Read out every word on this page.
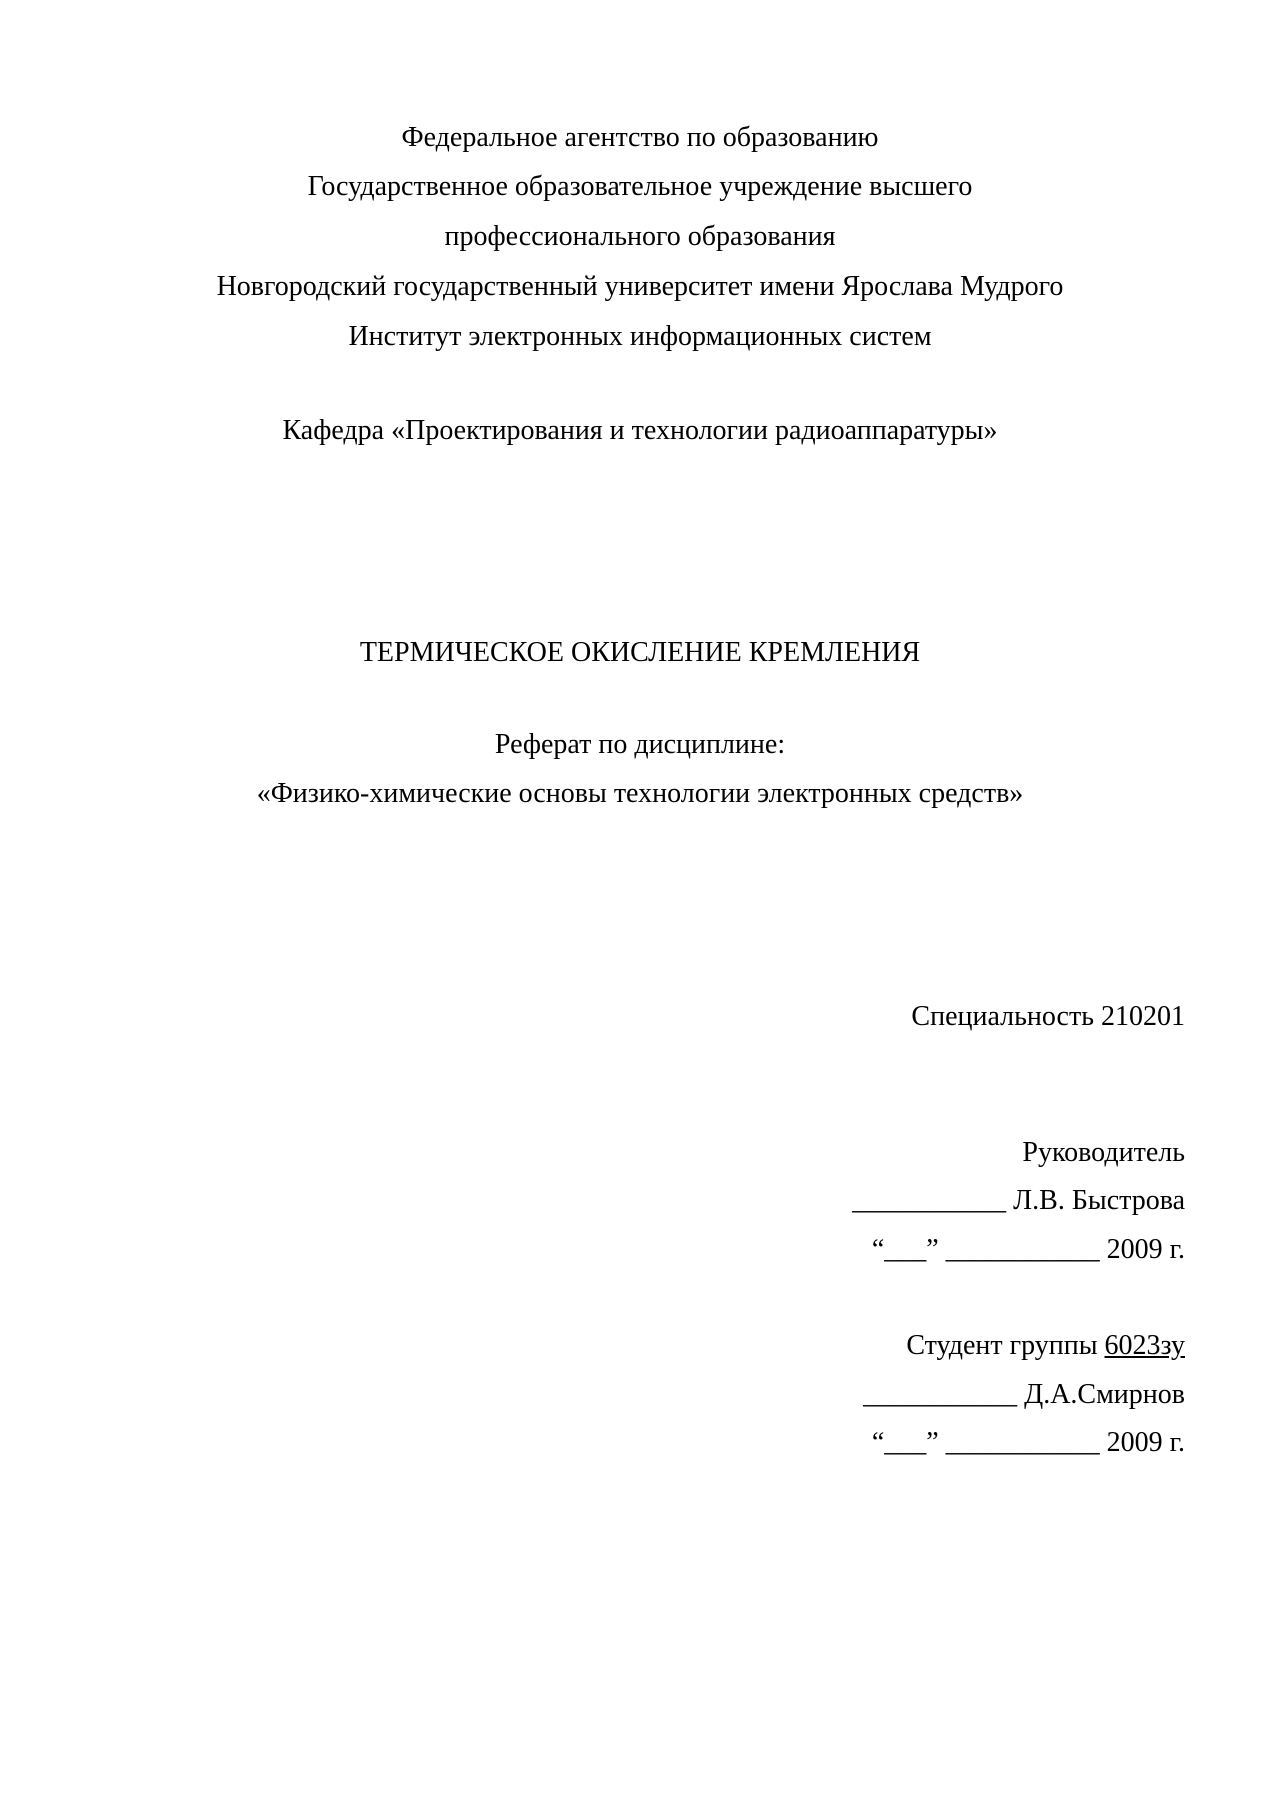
Федеральное агентство по образованию
Государственное образовательное учреждение высшего
профессионального образования
Новгородский государственный университет имени Ярослава Мудрого
Институт электронных информационных систем
Кафедра «Проектирования и технологии радиоаппаратуры»
ТЕРМИЧЕСКОЕ ОКИСЛЕНИЕ КРЕМЛЕНИЯ
Реферат по дисциплине:
«Физико-химические основы технологии электронных средств»
Специальность 210201
Руководитель
___________ Л.В. Быстрова
“___” ___________ 2009 г.
Студент группы 6023зу
___________ Д.А.Смирнов
“___” ___________ 2009 г.
